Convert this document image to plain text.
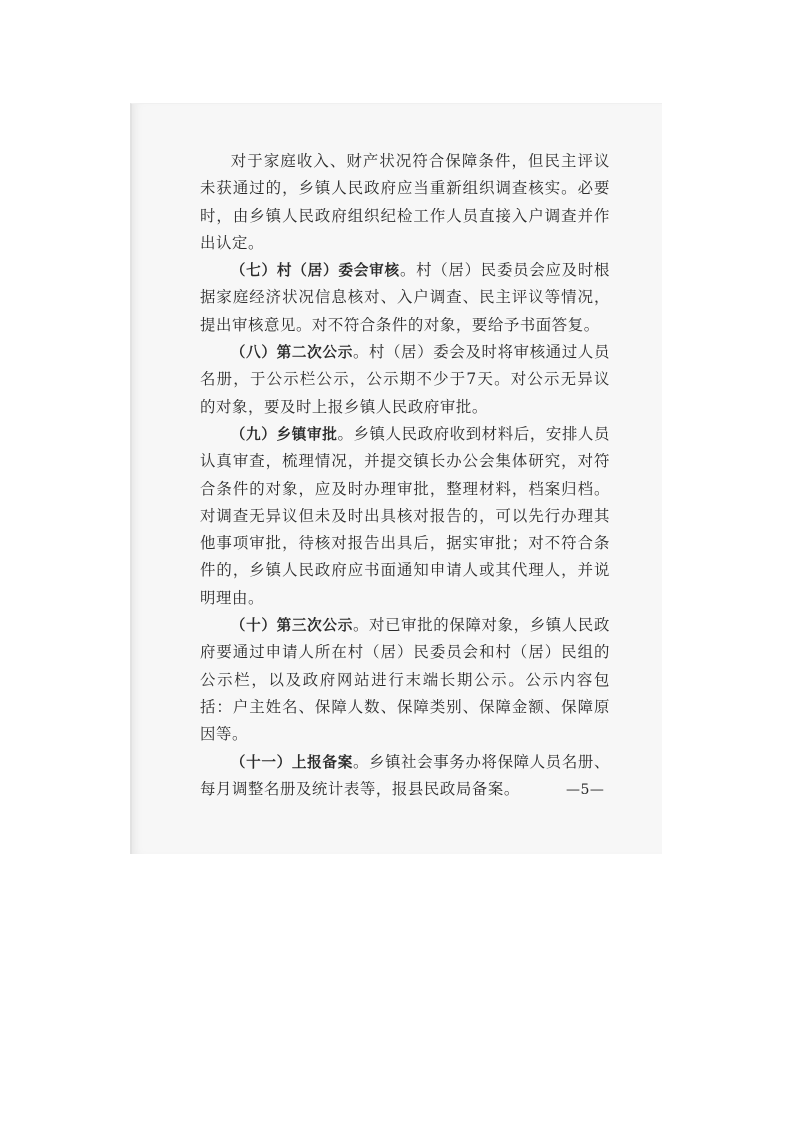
对于家庭收入、财产状况符合保障条件，但民主评议未获通过的，乡镇人民政府应当重新组织调查核实。必要时，由乡镇人民政府组织纪检工作人员直接入户调查并作出认定。

（七）村（居）委会审核。村（居）民委员会应及时根据家庭经济状况信息核对、入户调查、民主评议等情况，提出审核意见。对不符合条件的对象，要给予书面答复。

（八）第二次公示。村（居）委会及时将审核通过人员名册，于公示栏公示，公示期不少于7天。对公示无异议的对象，要及时上报乡镇人民政府审批。

（九）乡镇审批。乡镇人民政府收到材料后，安排人员认真审查，梳理情况，并提交镇长办公会集体研究，对符合条件的对象，应及时办理审批，整理材料，档案归档。对调查无异议但未及时出具核对报告的，可以先行办理其他事项审批，待核对报告出具后，据实审批；对不符合条件的，乡镇人民政府应书面通知申请人或其代理人，并说明理由。

（十）第三次公示。对已审批的保障对象，乡镇人民政府要通过申请人所在村（居）民委员会和村（居）民组的公示栏，以及政府网站进行末端长期公示。公示内容包括：户主姓名、保障人数、保障类别、保障金额、保障原因等。

（十一）上报备案。乡镇社会事务办将保障人员名册、每月调整名册及统计表等，报县民政局备案。	—5—
